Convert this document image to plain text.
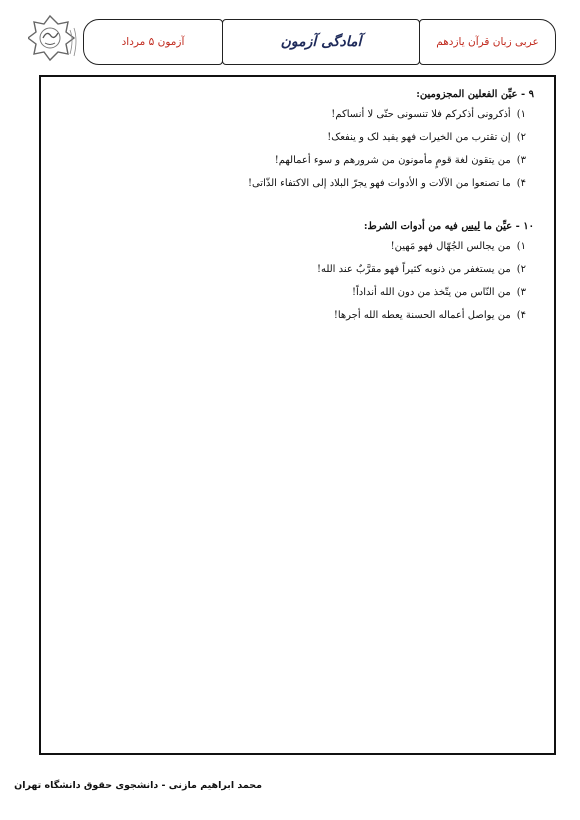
آزمون ۵ مرداد	آمادگی آزمون	عربی زبان قرآن یازدهم
۹ - عیِّن الفعلین المجزومین:
۱)أذكرونی أذكركم فلا تنسونی حتّی لا أنساكم!
۲)إن تقترب من الخیرات فهو یفید لک و ینفعک!
۳)من یتقون لغة قومٍ مأمونون من شرورهم و سوء أعمالهم!
۴)ما تصنعوا من الآلات و الأدوات فهو یجرّ البلاد إلی الاكتفاء الذّاتی!
۱۰ - عیِّن ما لیس فیه من أدوات الشرط:
۱)من یجالس الجُهّال فهو مَهین!
۲)من یستغفر من ذنوبه كثیراً فهو مقرَّبٌ عند الله!
۳)من النّاس من یتّخذ من دون الله أنداداً!
۴)من یواصل أعماله الحسنة یعطه الله أجرها!
محمد ابراهیم مازنی - دانشجوی حقوق دانشگاه تهران
